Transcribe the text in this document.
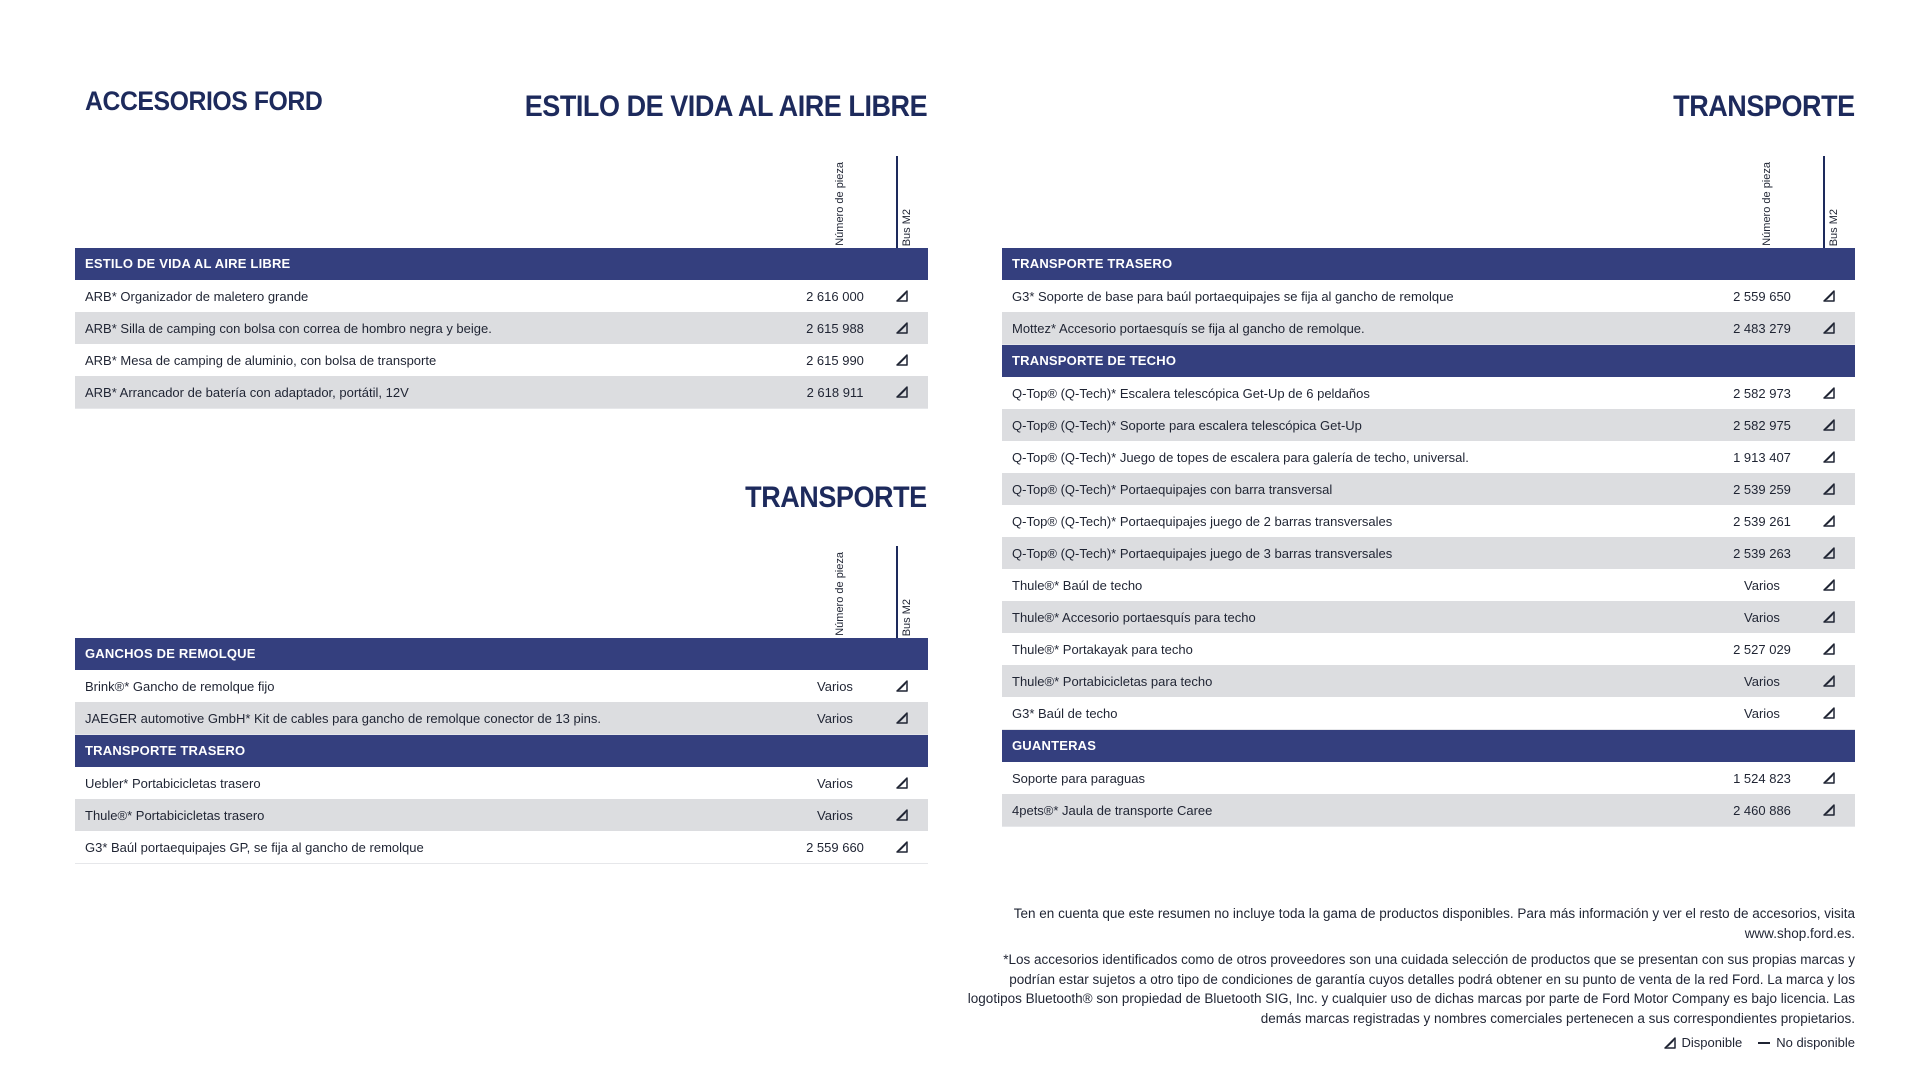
ACCESORIOS FORD	ESTILO DE VIDA AL AIRE LIBRE
Número de pieza	Bus M2
ESTILO DE VIDA AL AIRE LIBRE
ARB* Organizador de maletero grande	2 616 000
ARB* Silla de camping con bolsa con correa de hombro negra y beige.	2 615 988
ARB* Mesa de camping de aluminio, con bolsa de transporte	2 615 990
ARB* Arrancador de batería con adaptador, portátil, 12V	2 618 911
TRANSPORTE
Número de pieza	Bus M2
GANCHOS DE REMOLQUE
Brink®* Gancho de remolque fijo	Varios
JAEGER automotive GmbH* Kit de cables para gancho de remolque conector de 13 pins.	Varios
TRANSPORTE TRASERO
Uebler* Portabicicletas trasero	Varios
Thule®* Portabicicletas trasero	Varios
G3* Baúl portaequipajes GP, se fija al gancho de remolque	2 559 660
TRANSPORTE
Número de pieza	Bus M2
TRANSPORTE TRASERO
G3* Soporte de base para baúl portaequipajes se fija al gancho de remolque	2 559 650
Mottez* Accesorio portaesquís se fija al gancho de remolque.	2 483 279
TRANSPORTE DE TECHO
Q-Top® (Q-Tech)* Escalera telescópica Get-Up de 6 peldaños	2 582 973
Q-Top® (Q-Tech)* Soporte para escalera telescópica Get-Up	2 582 975
Q-Top® (Q-Tech)* Juego de topes de escalera para galería de techo, universal.	1 913 407
Q-Top® (Q-Tech)* Portaequipajes con barra transversal	2 539 259
Q-Top® (Q-Tech)* Portaequipajes juego de 2 barras transversales	2 539 261
Q-Top® (Q-Tech)* Portaequipajes juego de 3 barras transversales	2 539 263
Thule®* Baúl de techo	Varios
Thule®* Accesorio portaesquís para techo	Varios
Thule®* Portakayak para techo	2 527 029
Thule®* Portabicicletas para techo	Varios
G3* Baúl de techo	Varios
GUANTERAS
Soporte para paraguas	1 524 823
4pets®* Jaula de transporte Caree	2 460 886

Ten en cuenta que este resumen no incluye toda la gama de productos disponibles. Para más información y ver el resto de accesorios, visita www.shop.ford.es.

*Los accesorios identificados como de otros proveedores son una cuidada selección de productos que se presentan con sus propias marcas y podrían estar sujetos a otro tipo de condiciones de garantía cuyos detalles podrá obtener en su punto de venta de la red Ford. La marca y los logotipos Bluetooth® son propiedad de Bluetooth SIG, Inc. y cualquier uso de dichas marcas por parte de Ford Motor Company es bajo licencia. Las demás marcas registradas y nombres comerciales pertenecen a sus correspondientes propietarios.

Disponible	No disponible
